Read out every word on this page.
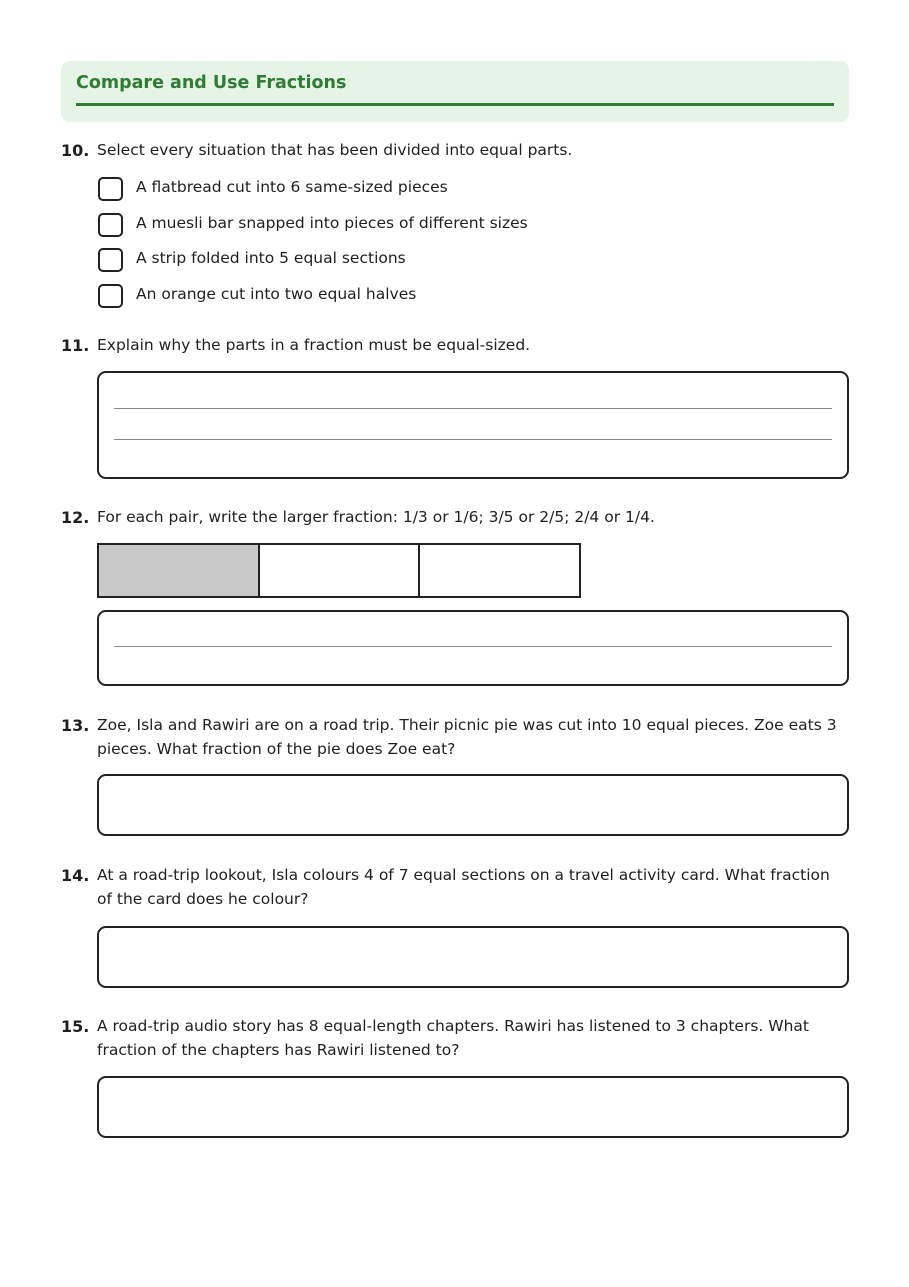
Compare and Use Fractions
10. Select every situation that has been divided into equal parts.
A flatbread cut into 6 same-sized pieces
A muesli bar snapped into pieces of different sizes
A strip folded into 5 equal sections
An orange cut into two equal halves
11. Explain why the parts in a fraction must be equal-sized.
12. For each pair, write the larger fraction: 1/3 or 1/6; 3/5 or 2/5; 2/4 or 1/4.
13. Zoe, Isla and Rawiri are on a road trip. Their picnic pie was cut into 10 equal pieces. Zoe eats 3 pieces. What fraction of the pie does Zoe eat?
14. At a road-trip lookout, Isla colours 4 of 7 equal sections on a travel activity card. What fraction of the card does he colour?
15. A road-trip audio story has 8 equal-length chapters. Rawiri has listened to 3 chapters. What fraction of the chapters has Rawiri listened to?
